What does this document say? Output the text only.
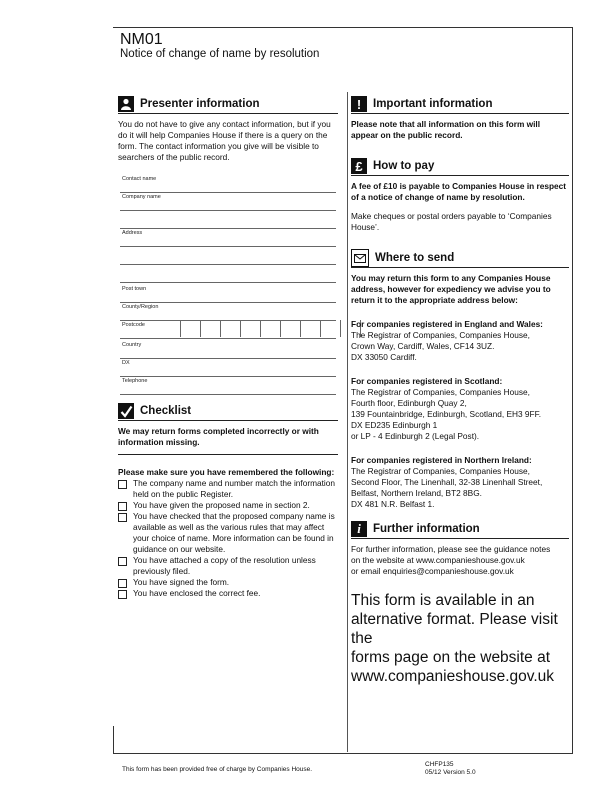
NM01
Notice of change of name by resolution
Presenter information
You do not have to give any contact information, but if you do it will help Companies House if there is a query on the form. The contact information you give will be visible to searchers of the public record.
Contact name
Company name
Address
Post town
County/Region
Postcode
Country
DX
Telephone
Checklist
We may return forms completed incorrectly or with information missing.
Please make sure you have remembered the following:
The company name and number match the information held on the public Register.
You have given the proposed name in section 2.
You have checked that the proposed company name is available as well as the various rules that may affect your choice of name. More information can be found in guidance on our website.
You have attached a copy of the resolution unless previously filed.
You have signed the form.
You have enclosed the correct fee.
!	Important information
Please note that all information on this form will appear on the public record.
£ How to pay
A fee of £10 is payable to Companies House in respect of a notice of change of name by resolution.
Make cheques or postal orders payable to ‘Companies House’.
Where to send
You may return this form to any Companies House address, however for expediency we advise you to return it to the appropriate address below:
For companies registered in England and Wales:
The Registrar of Companies, Companies House,
Crown Way, Cardiff, Wales, CF14 3UZ.
DX 33050 Cardiff.
For companies registered in Scotland:
The Registrar of Companies, Companies House,
Fourth floor, Edinburgh Quay 2,
139 Fountainbridge, Edinburgh, Scotland, EH3 9FF.
DX ED235 Edinburgh 1
or LP - 4 Edinburgh 2 (Legal Post).
For companies registered in Northern Ireland:
The Registrar of Companies, Companies House,
Second Floor, The Linenhall, 32-38 Linenhall Street,
Belfast, Northern Ireland, BT2 8BG.
DX 481 N.R. Belfast 1.
i	Further information
For further information, please see the guidance notes
on the website at www.companieshouse.gov.uk
or email enquiries@companieshouse.gov.uk
This form is available in an
alternative format. Please visit the
forms page on the website at
www.companieshouse.gov.uk
This form has been provided free of charge by Companies House.
CHFP135
05/12 Version 5.0
